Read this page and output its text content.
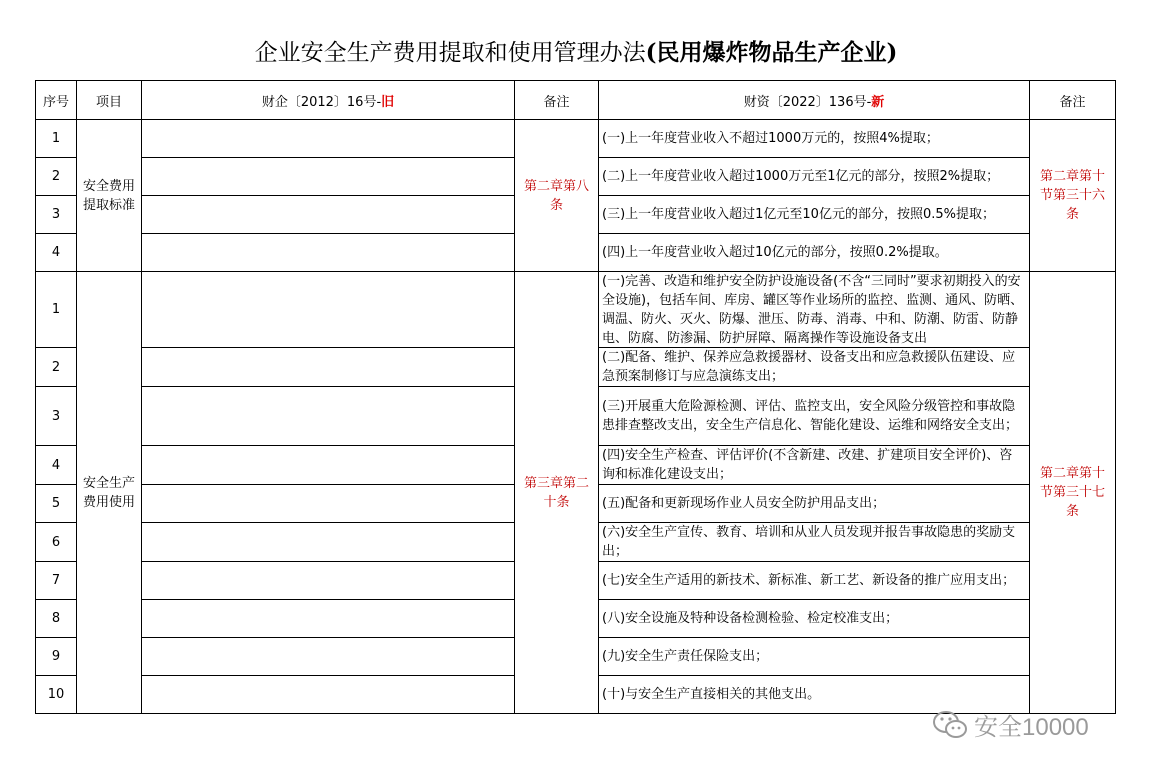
企业安全生产费用提取和使用管理办法(民用爆炸物品生产企业)
序号	项目	财企〔2012〕16号-旧	备注	财资〔2022〕136号-新	备注
1	安全费用提取标准		第二章第八条	(一)上一年度营业收入不超过1000万元的，按照4%提取；	第二章第十节第三十六条
2				(二)上一年度营业收入超过1000万元至1亿元的部分，按照2%提取；	
3				(三)上一年度营业收入超过1亿元至10亿元的部分，按照0.5%提取；	
4				(四)上一年度营业收入超过10亿元的部分，按照0.2%提取。	
1	安全生产费用使用		第三章第二十条	(一)完善、改造和维护安全防护设施设备(不含“三同时”要求初期投入的安全设施)，包括车间、库房、罐区等作业场所的监控、监测、通风、防晒、调温、防火、灭火、防爆、泄压、防毒、消毒、中和、防潮、防雷、防静电、防腐、防渗漏、防护屏障、隔离操作等设施设备支出	第二章第十节第三十七条
2				(二)配备、维护、保养应急救援器材、设备支出和应急救援队伍建设、应急预案制修订与应急演练支出；	
3				(三)开展重大危险源检测、评估、监控支出，安全风险分级管控和事故隐患排查整改支出，安全生产信息化、智能化建设、运维和网络安全支出；	
4				(四)安全生产检查、评估评价(不含新建、改建、扩建项目安全评价)、咨询和标准化建设支出；	
5				(五)配备和更新现场作业人员安全防护用品支出；	
6				(六)安全生产宣传、教育、培训和从业人员发现并报告事故隐患的奖励支出；	
7				(七)安全生产适用的新技术、新标准、新工艺、新设备的推广应用支出；	
8				(八)安全设施及特种设备检测检验、检定校准支出；	
9				(九)安全生产责任保险支出；	
10				(十)与安全生产直接相关的其他支出。	
安全10000
